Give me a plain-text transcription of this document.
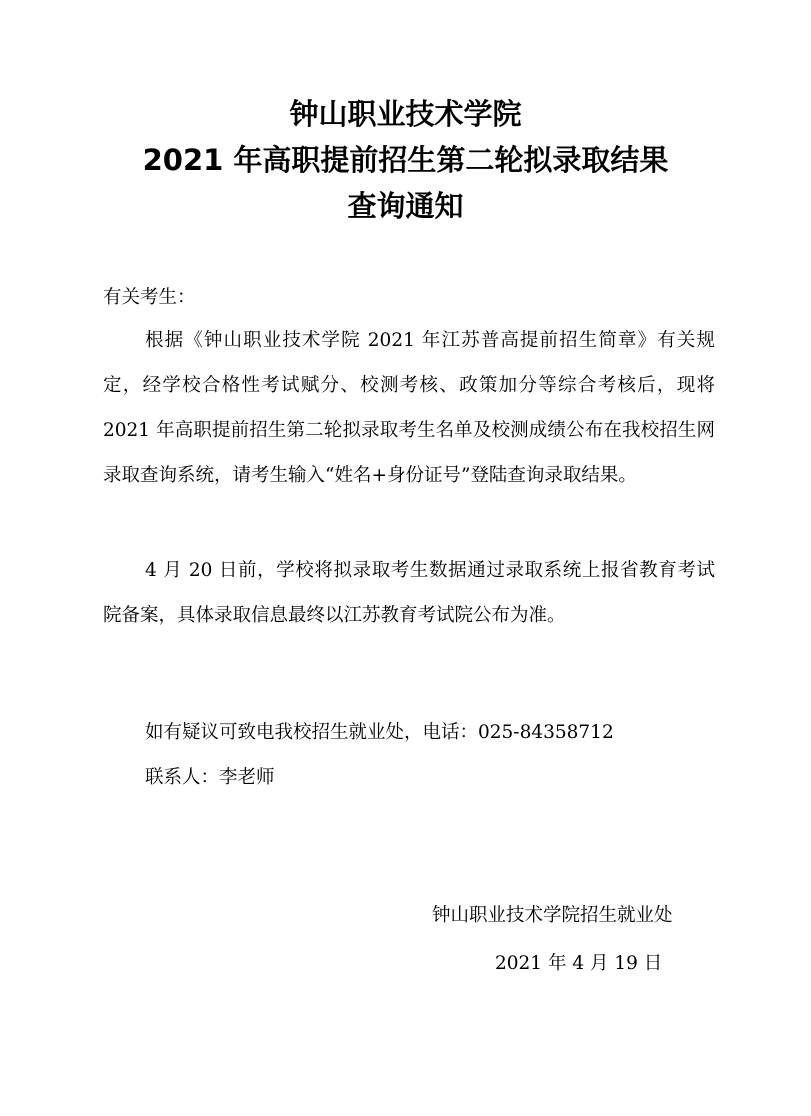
钟山职业技术学院
2021 年高职提前招生第二轮拟录取结果
查询通知

有关考生：

根据《钟山职业技术学院 2021 年江苏普高提前招生简章》有关规定，经学校合格性考试赋分、校测考核、政策加分等综合考核后，现将 2021 年高职提前招生第二轮拟录取考生名单及校测成绩公布在我校招生网录取查询系统，请考生输入“姓名+身份证号”登陆查询录取结果。

4 月 20 日前，学校将拟录取考生数据通过录取系统上报省教育考试院备案，具体录取信息最终以江苏教育考试院公布为准。

如有疑议可致电我校招生就业处，电话：025-84358712

联系人：李老师

钟山职业技术学院招生就业处

2021 年 4 月 19 日
